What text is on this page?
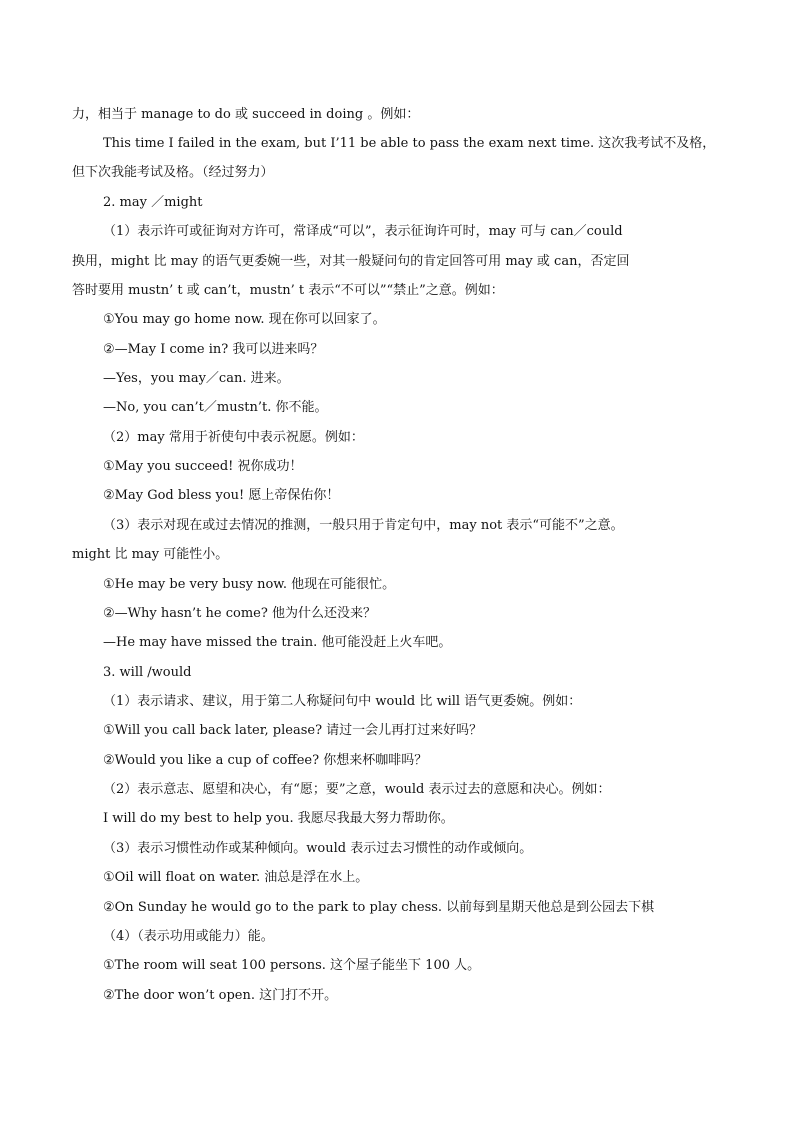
力，相当于 manage to do 或 succeed in doing 。例如：
This time I failed in the exam, but I’11 be able to pass the exam next time. 这次我考试不及格，
但下次我能考试及格。（经过努力）
2. may ／might
（1）表示许可或征询对方许可，常译成“可以”，表示征询许可时，may 可与 can／could
换用，might 比 may 的语气更委婉一些，对其一般疑问句的肯定回答可用 may 或 can，否定回
答时要用 mustn’ t 或 can’t，mustn’ t 表示“不可以”“禁止”之意。例如：
①You may go home now. 现在你可以回家了。
②—May I come in? 我可以进来吗？
—Yes，you may／can. 进来。
—No, you can’t／mustn’t. 你不能。
（2）may 常用于祈使句中表示祝愿。例如：
①May you succeed! 祝你成功！
②May God bless you! 愿上帝保佑你！
（3）表示对现在或过去情况的推测，一般只用于肯定句中，may not 表示“可能不”之意。
might 比 may 可能性小。
①He may be very busy now. 他现在可能很忙。
②—Why hasn’t he come? 他为什么还没来？
—He may have missed the train. 他可能没赶上火车吧。
3. will /would
（1）表示请求、建议，用于第二人称疑问句中 would 比 will 语气更委婉。例如：
①Will you call back later, please? 请过一会儿再打过来好吗？
②Would you like a cup of coffee? 你想来杯咖啡吗？
（2）表示意志、愿望和决心，有“愿；要”之意，would 表示过去的意愿和决心。例如：
I will do my best to help you. 我愿尽我最大努力帮助你。
（3）表示习惯性动作或某种倾向。would 表示过去习惯性的动作或倾向。
①Oil will float on water. 油总是浮在水上。
②On Sunday he would go to the park to play chess. 以前每到星期天他总是到公园去下棋
（4）（表示功用或能力）能。
①The room will seat 100 persons. 这个屋子能坐下 100 人。
②The door won’t open. 这门打不开。
